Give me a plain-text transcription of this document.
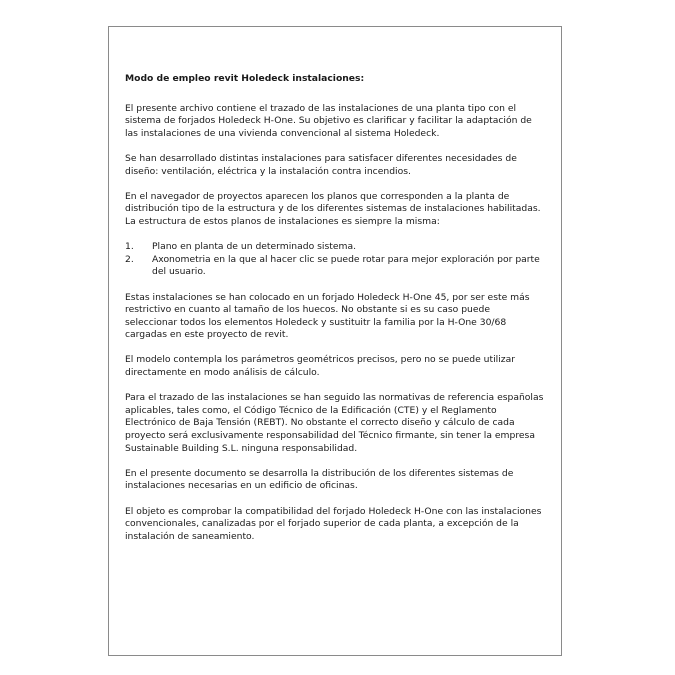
Modo de empleo revit Holedeck instalaciones:

El presente archivo contiene el trazado de las instalaciones de una planta tipo con el sistema de forjados Holedeck H-One. Su objetivo es clarificar y facilitar la adaptación de las instalaciones de una vivienda convencional al sistema Holedeck.

Se han desarrollado distintas instalaciones para satisfacer diferentes necesidades de diseño: ventilación, eléctrica y la instalación contra incendios.

En el navegador de proyectos aparecen los planos que corresponden a la planta de distribución tipo de la estructura y de los diferentes sistemas de instalaciones habilitadas. La estructura de estos planos de instalaciones es siempre la misma:

1. Plano en planta de un determinado sistema.
2. Axonometria en la que al hacer clic se puede rotar para mejor exploración por parte del usuario.

Estas instalaciones se han colocado en un forjado Holedeck H-One 45, por ser este más restrictivo en cuanto al tamaño de los huecos. No obstante si es su caso puede seleccionar todos los elementos Holedeck y sustituitr la familia por la H-One 30/68 cargadas en este proyecto de revit.

El modelo contempla los parámetros geométricos precisos, pero no se puede utilizar directamente en modo análisis de cálculo.

Para el trazado de las instalaciones se han seguido las normativas de referencia españolas aplicables, tales como, el Código Técnico de la Edificación (CTE) y el Reglamento Electrónico de Baja Tensión (REBT). No obstante el correcto diseño y cálculo de cada proyecto será exclusivamente responsabilidad del Técnico firmante, sin tener la empresa Sustainable Building S.L. ninguna responsabilidad.

En el presente documento se desarrolla la distribución de los diferentes sistemas de instalaciones necesarias en un edificio de oficinas.

El objeto es comprobar la compatibilidad del forjado Holedeck H-One con las instalaciones convencionales, canalizadas por el forjado superior de cada planta, a excepción de la instalación de saneamiento.
